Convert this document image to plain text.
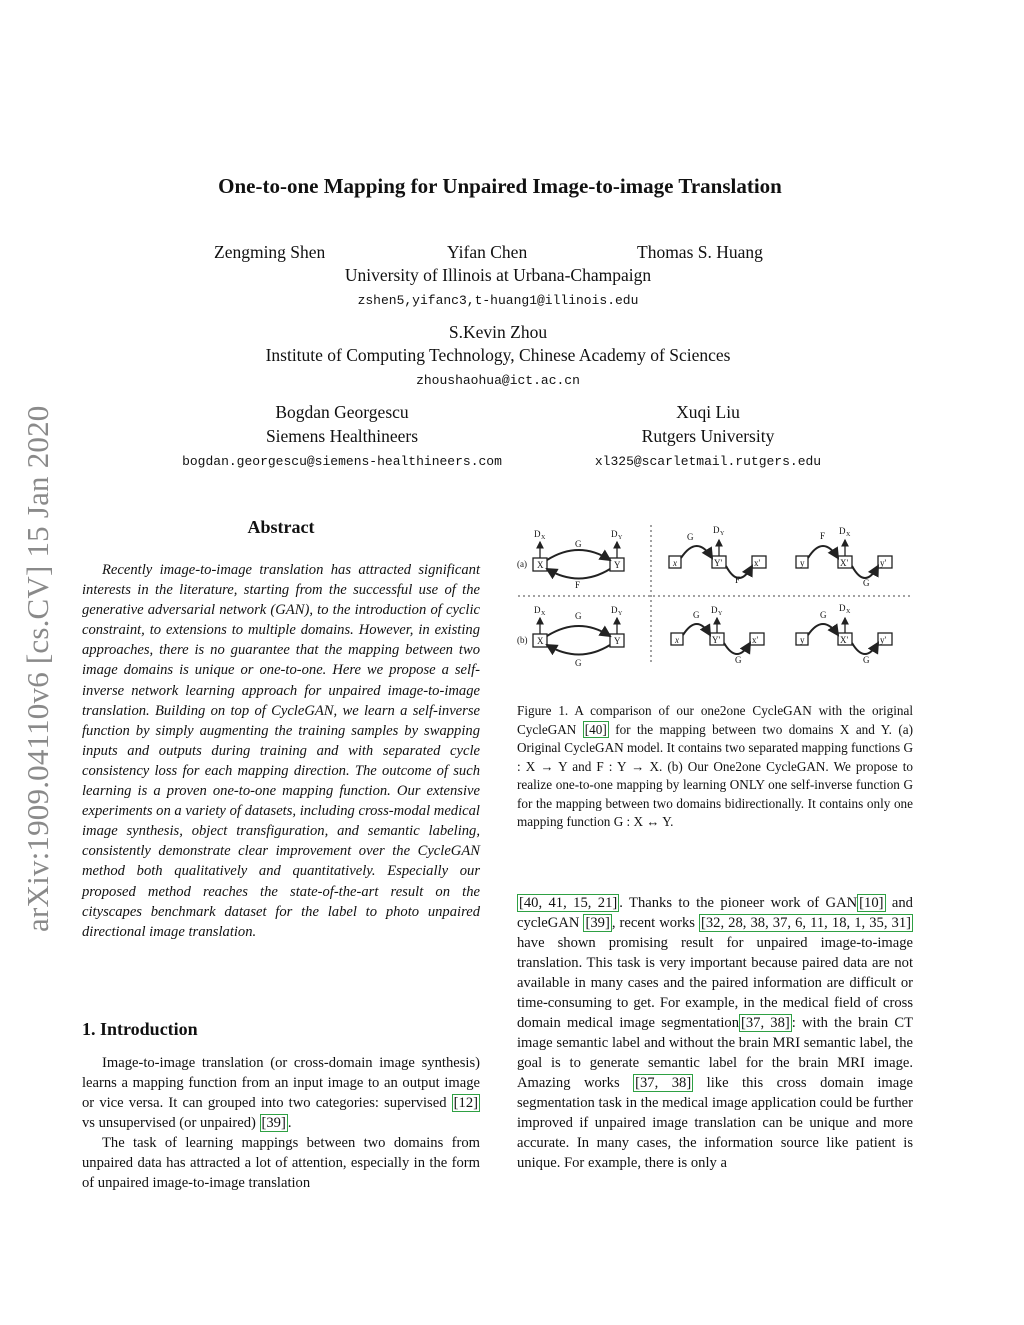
arXiv:1909.04110v6 [cs.CV] 15 Jan 2020
One-to-one Mapping for Unpaired Image-to-image Translation
Zengming Shen	Yifan Chen	Thomas S. Huang
University of Illinois at Urbana-Champaign
zshen5,yifanc3,t-huang1@illinois.edu
S.Kevin Zhou
Institute of Computing Technology, Chinese Academy of Sciences
zhoushaohua@ict.ac.cn
Bogdan Georgescu
Siemens Healthineers
bogdan.georgescu@siemens-healthineers.com
Xuqi Liu
Rutgers University
xl325@scarletmail.rutgers.edu
Abstract
Recently image-to-image translation has attracted significant interests in the literature, starting from the successful use of the generative adversarial network (GAN), to the introduction of cyclic constraint, to extensions to multiple domains. However, in existing approaches, there is no guarantee that the mapping between two image domains is unique or one-to-one. Here we propose a self-inverse network learning approach for unpaired image-to-image translation. Building on top of CycleGAN, we learn a self-inverse function by simply augmenting the training samples by swapping inputs and outputs during training and with separated cycle consistency loss for each mapping direction. The outcome of such learning is a proven one-to-one mapping function. Our extensive experiments on a variety of datasets, including cross-modal medical image synthesis, object transfiguration, and semantic labeling, consistently demonstrate clear improvement over the CycleGAN method both qualitatively and quantitatively. Especially our proposed method reaches the state-of-the-art result on the cityscapes benchmark dataset for the label to photo unpaired directional image translation.
1. Introduction

Image-to-image translation (or cross-domain image synthesis) learns a mapping function from an input image to an output image or vice versa. It can grouped into two categories: supervised [12] vs unsupervised (or unpaired) [39] .

The task of learning mappings between two domains from unpaired data has attracted a lot of attention, especially in the form of unpaired image-to-image translation

(a) X	Y
G
F
D X	D Y
x	Y'	x'
G
D Y
F
y	X'	y'
F D X
G
(b) X	Y
G
G
D X	D Y
x	Y'	x'
G D Y
G
y	X'	y'
G
D X
G
Figure 1. A comparison of our one2one CycleGAN with the original CycleGAN [40] for the mapping between two domains X and Y. (a) Original CycleGAN model. It contains two separated mapping functions G : X → Y and F : Y → X. (b) Our One2one CycleGAN. We propose to realize one-to-one mapping by learning ONLY one self-inverse function G for the mapping between two domains bidirectionally. It contains only one mapping function G : X ↔ Y.

[40, 41, 15, 21] . Thanks to the pioneer work of GAN [10] and cycleGAN [39] , recent works [32, 28, 38, 37, 6, 11, 18, 1, 35, 31] have shown promising result for unpaired image-to-image translation. This task is very important because paired data are not available in many cases and the paired information are difficult or time-consuming to get. For example, in the medical field of cross domain medical image segmentation [37, 38] : with the brain CT image semantic label and without the brain MRI semantic label, the goal is to generate semantic label for the brain MRI image. Amazing works [37, 38] like this cross domain image segmentation task in the medical image application could be further improved if unpaired image translation can be unique and more accurate. In many cases, the information source like patient is unique. For example, there is only a
